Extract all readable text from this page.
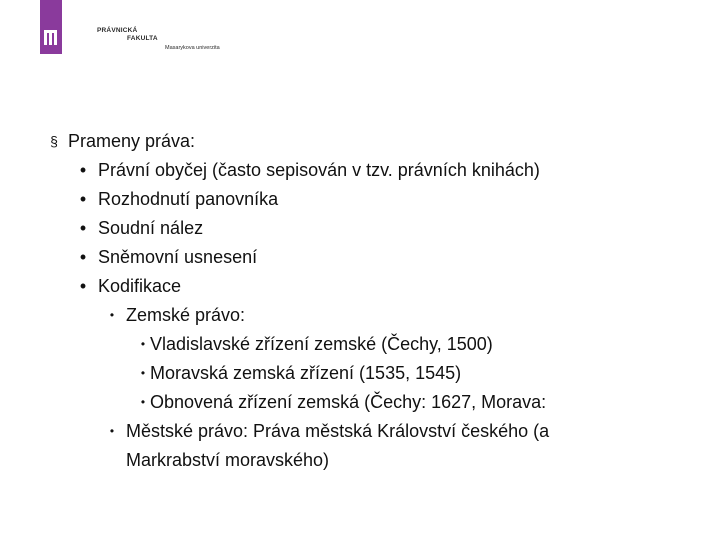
PRÁVNICKÁ
FAKULTA
Masarykova univerzita
§ Prameny práva:
• Právní obyčej (často sepisován v tzv. právních knihách)
• Rozhodnutí panovníka
• Soudní nález
• Sněmovní usnesení
• Kodifikace
• Zemské právo:
• Vladislavské zřízení zemské (Čechy, 1500)
• Moravská zemská zřízení (1535, 1545)
• Obnovená zřízení zemská (Čechy: 1627, Morava:
• Městské právo: Práva městská Království českého (a Markrabství moravského)
